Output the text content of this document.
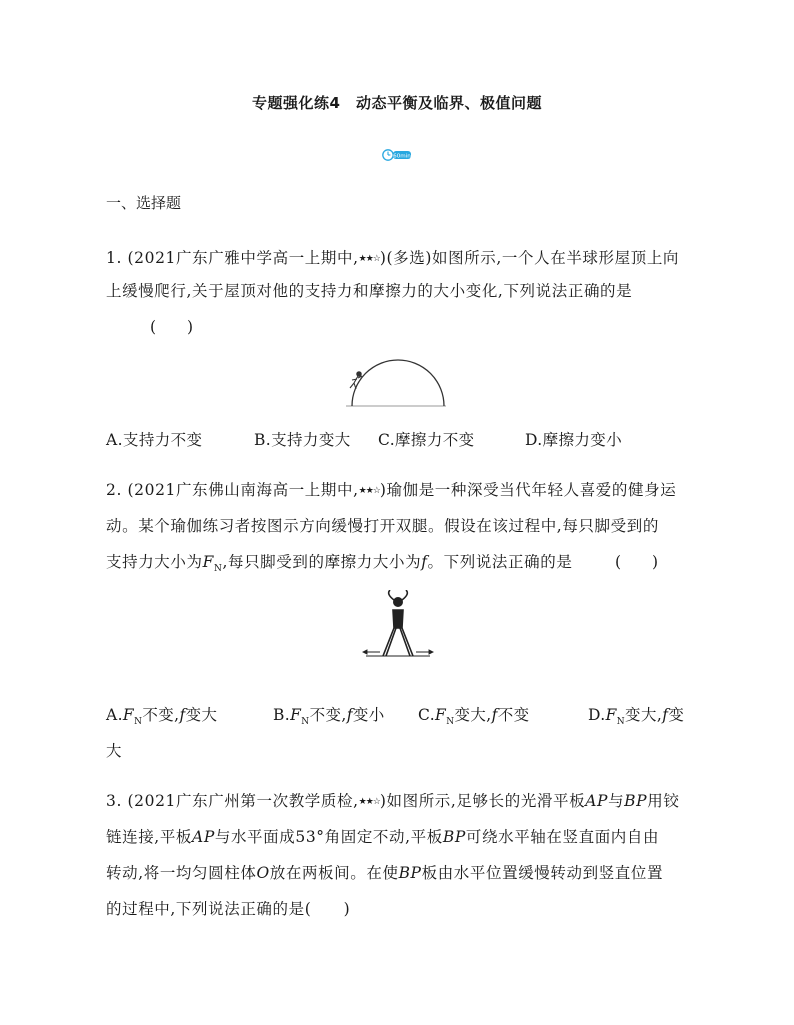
专题强化练4　动态平衡及临界、极值问题
60min
一、选择题
1. (2021广东广雅中学高一上期中,★★☆)(多选)如图所示,一个人在半球形屋顶上向
上缓慢爬行,关于屋顶对他的支持力和摩擦力的大小变化,下列说法正确的是
(　　)
A.支持力不变	B.支持力变大 C.摩擦力不变	D.摩擦力变小
2. (2021广东佛山南海高一上期中,★★☆)瑜伽是一种深受当代年轻人喜爱的健身运
动。某个瑜伽练习者按图示方向缓慢打开双腿。假设在该过程中,每只脚受到的
支持力大小为$F_N$,每只脚受到的摩擦力大小为f。下列说法正确的是	(　　)
$A.F_N$不变,f变大	$B.F_N$不变,f变小 $C.F_N$变大,f不变	$D.F_N$变大,f变
大
3. (2021广东广州第一次教学质检,★★☆)如图所示,足够长的光滑平板AP与BP用铰
链连接,平板AP与水平面成53°角固定不动,平板BP可绕水平轴在竖直面内自由
转动,将一均匀圆柱体O放在两板间。在使BP板由水平位置缓慢转动到竖直位置
的过程中,下列说法正确的是(　　)
